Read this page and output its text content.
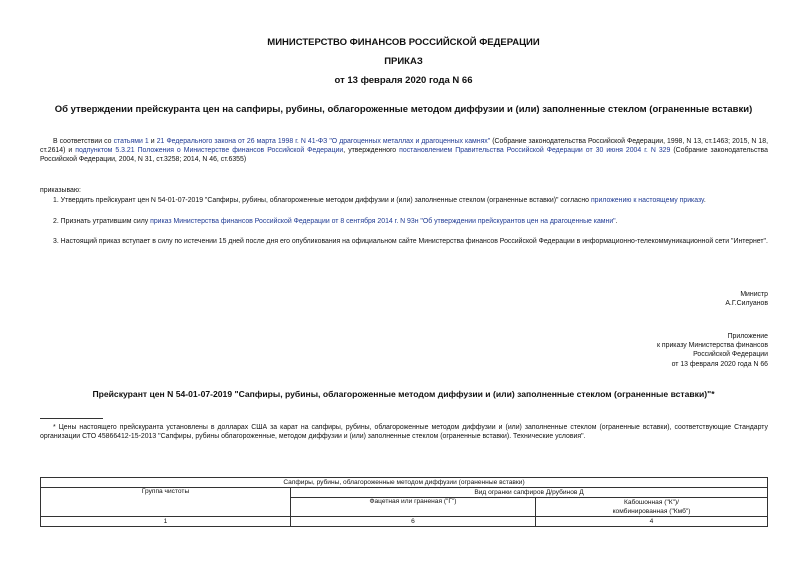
МИНИСТЕРСТВО ФИНАНСОВ РОССИЙСКОЙ ФЕДЕРАЦИИ
ПРИКАЗ
от 13 февраля 2020 года N 66
Об утверждении прейскуранта цен на сапфиры, рубины, облагороженные методом диффузии и (или) заполненные стеклом (ограненные вставки)
В соответствии со статьями 1 и 21 Федерального закона от 26 марта 1998 г. N 41-ФЗ "О драгоценных металлах и драгоценных камнях" (Собрание законодательства Российской Федерации, 1998, N 13, ст.1463; 2015, N 18, ст.2614) и подпунктом 5.3.21 Положения о Министерстве финансов Российской Федерации, утвержденного постановлением Правительства Российской Федерации от 30 июня 2004 г. N 329 (Собрание законодательства Российской Федерации, 2004, N 31, ст.3258; 2014, N 46, ст.6355)
приказываю:
1. Утвердить прейскурант цен N 54-01-07-2019 "Сапфиры, рубины, облагороженные методом диффузии и (или) заполненные стеклом (ограненные вставки)" согласно приложению к настоящему приказу.
2. Признать утратившим силу приказ Министерства финансов Российской Федерации от 8 сентября 2014 г. N 93н "Об утверждении прейскурантов цен на драгоценные камни".
3. Настоящий приказ вступает в силу по истечении 15 дней после дня его опубликования на официальном сайте Министерства финансов Российской Федерации в информационно-телекоммуникационной сети "Интернет".
Министр
А.Г.Силуанов
Приложение
к приказу Министерства финансов
Российской Федерации
от 13 февраля 2020 года N 66
Прейскурант цен N 54-01-07-2019 "Сапфиры, рубины, облагороженные методом диффузии и (или) заполненные стеклом (ограненные вставки)"*
* Цены настоящего прейскуранта установлены в долларах США за карат на сапфиры, рубины, облагороженные методом диффузии и (или) заполненные стеклом (ограненные вставки), соответствующие Стандарту организации СТО 45866412-15-2013 "Сапфиры, рубины облагороженные, методом диффузии и (или) заполненные стеклом (ограненные вставки). Технические условия".
Сапфиры, рубины, облагороженные методом диффузии (ограненные вставки)		
Группа чистоты	Вид огранки сапфиров Д/рубинов Д	
	Фацетная или граненая ("Г")	Кабошонная ("К")/
комбинированная ("Кмб")

1	6	4
